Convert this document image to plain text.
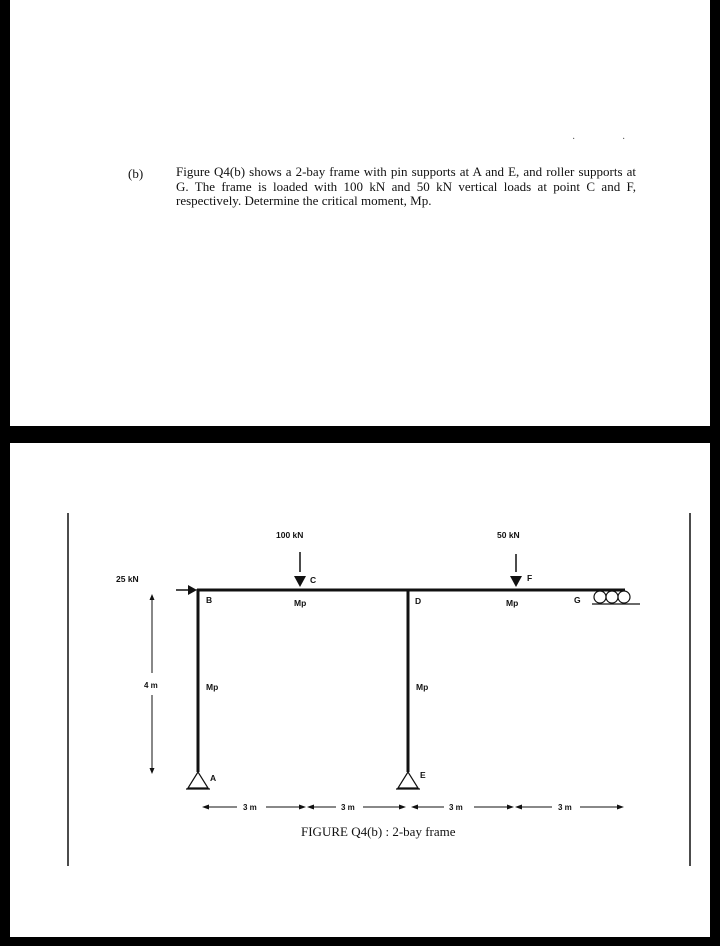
(b)	Figure Q4(b) shows a 2-bay frame with pin supports at A and E, and roller supports at G. The frame is loaded with 100 kN and 50 kN vertical loads at point C and F, respectively. Determine the critical moment, Mp.

·	·
25 kN
100 kN	50 kN
B
C
D
F
G
A	E
Mp	Mp
Mp	Mp
4 m
3 m	3 m	3 m	3 m
FIGURE Q4(b) : 2-bay frame
